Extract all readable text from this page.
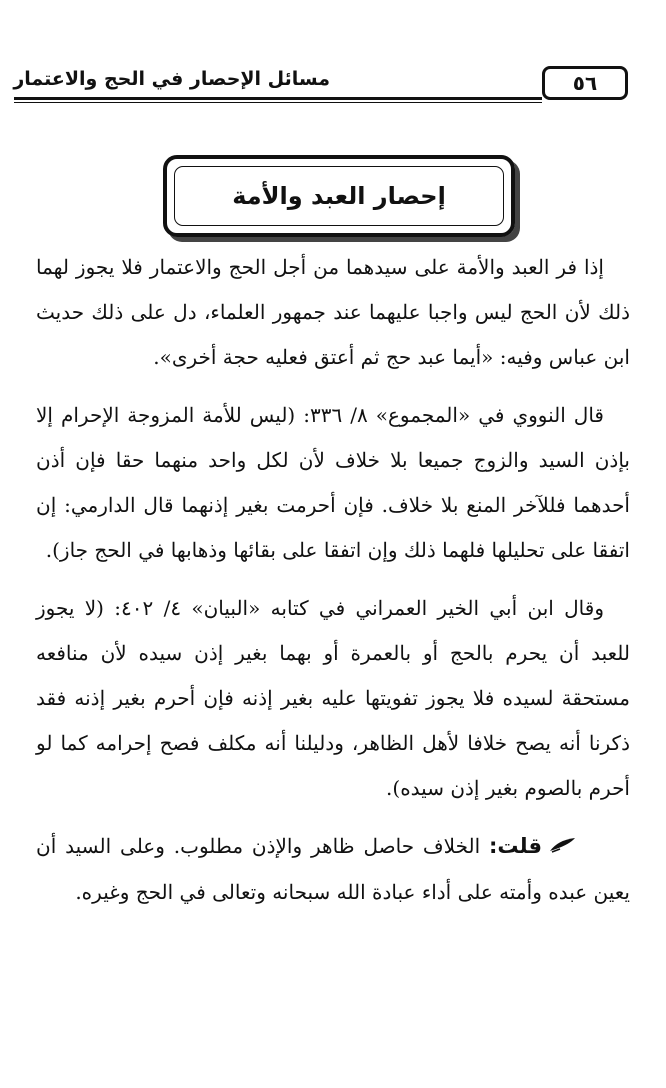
٥٦
مسائل الإحصار في الحج والاعتمار
إحصار العبد والأمة

إذا فر العبد والأمة على سيدهما من أجل الحج والاعتمار فلا يجوز لهما ذلك لأن الحج ليس واجبا عليهما عند جمهور العلماء، دل على ذلك حديث ابن عباس وفيه: «أيما عبد حج ثم أعتق فعليه حجة أخرى».

قال النووي في «المجموع» ٨/ ٣٣٦: (ليس للأمة المزوجة الإحرام إلا بإذن السيد والزوج جميعا بلا خلاف لأن لكل واحد منهما حقا فإن أذن أحدهما فللآخر المنع بلا خلاف. فإن أحرمت بغير إذنهما قال الدارمي: إن اتفقا على تحليلها فلهما ذلك وإن اتفقا على بقائها وذهابها في الحج جاز).

وقال ابن أبي الخير العمراني في كتابه «البيان» ٤/ ٤٠٢: (لا يجوز للعبد أن يحرم بالحج أو بالعمرة أو بهما بغير إذن سيده لأن منافعه مستحقة لسيده فلا يجوز تفويتها عليه بغير إذنه فإن أحرم بغير إذنه فقد ذكرنا أنه يصح خلافا لأهل الظاهر، ودليلنا أنه مكلف فصح إحرامه كما لو أحرم بالصوم بغير إذن سيده).

قلت: الخلاف حاصل ظاهر والإذن مطلوب. وعلى السيد أن يعين عبده وأمته على أداء عبادة الله سبحانه وتعالى في الحج وغيره.
